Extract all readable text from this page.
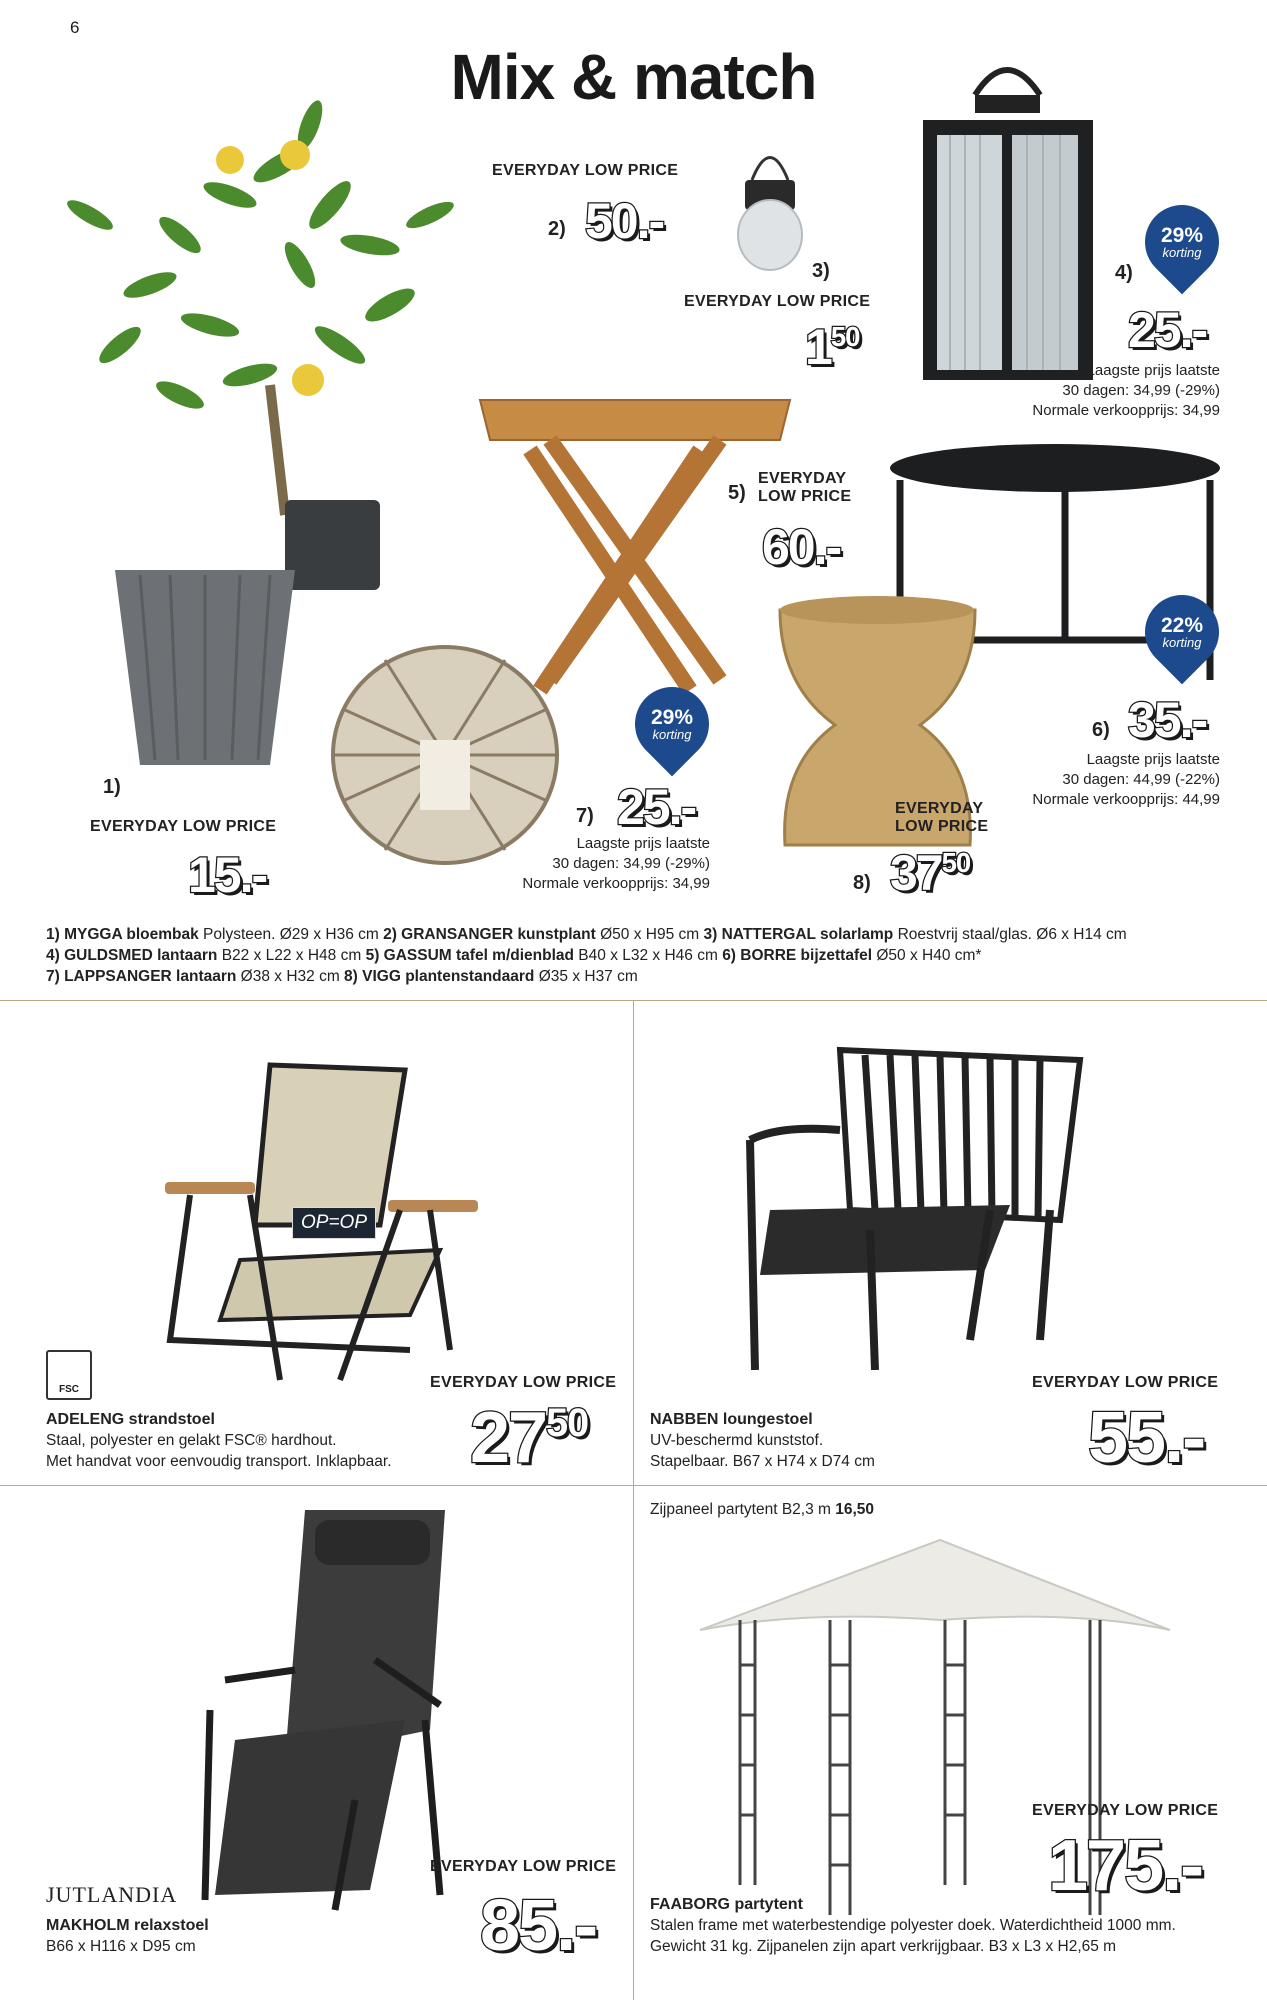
6
Mix & match
EVERYDAY LOW PRICE
2) 50.-
3)
EVERYDAY LOW PRICE
$1^{50}$
29%
korting
4)
25.-
Laagste prijs laatste
30 dagen: 34,99 (-29%)
Normale verkoopprijs: 34,99
5)
EVERYDAY
LOW PRICE
60.-
22%
korting
6) 35.-
Laagste prijs laatste
30 dagen: 44,99 (-22%)
Normale verkoopprijs: 44,99
29%
korting
7) 25.-
Laagste prijs laatste
30 dagen: 34,99 (-29%)
Normale verkoopprijs: 34,99
EVERYDAY
LOW PRICE
8) $37^{50}$
1)
EVERYDAY LOW PRICE
15.-
1) MYGGA bloembak Polysteen. Ø29 x H36 cm 2) GRANSANGER kunstplant Ø50 x H95 cm 3) NATTERGAL solarlamp Roestvrij staal/glas. Ø6 x H14 cm
4) GULDSMED lantaarn B22 x L22 x H48 cm 5) GASSUM tafel m/dienblad B40 x L32 x H46 cm 6) BORRE bijzettafel Ø50 x H40 cm*
7) LAPPSANGER lantaarn Ø38 x H32 cm 8) VIGG plantenstandaard Ø35 x H37 cm
OP=OP
FSC	EVERYDAY LOW PRICE
ADELENG strandstoel
Staal, polyester en gelakt FSC® hardhout.
Met handvat voor eenvoudig transport. Inklapbaar. $27^{50}$
EVERYDAY LOW PRICE
NABBEN loungestoel
UV-beschermd kunststof.
Stapelbaar. B67 x H74 x D74 cm	55.-
JUTLANDIA
EVERYDAY LOW PRICE
MAKHOLM relaxstoel
B66 x H116 x D95 cm	85.-
Zijpaneel partytent B2,3 m 16,50
EVERYDAY LOW PRICE
175.-
FAABORG partytent
Stalen frame met waterbestendige polyester doek. Waterdichtheid 1000 mm.
Gewicht 31 kg. Zijpanelen zijn apart verkrijgbaar. B3 x L3 x H2,65 m
